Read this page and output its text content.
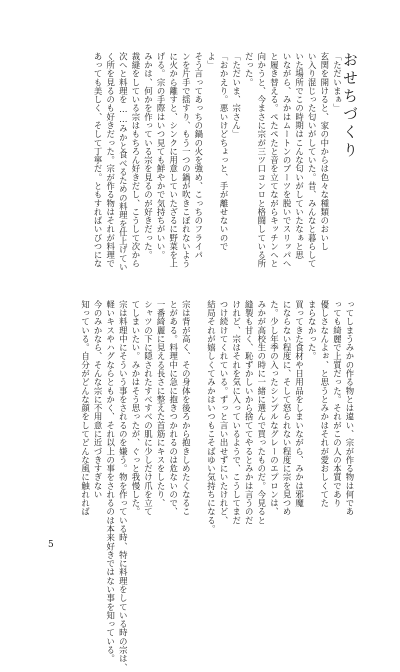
おせちづくり
「ただいまぁ」
玄関を開けると、家の中からは色々な種類のおいし
い入り混じった匂いがしていた。昔、みんなと暮らして
いた場所でこの時期はこんな匂いがしていたなぁと思
いながら、みかはムートンのブーツを脱いでスリッパへ
と履き替える。ぺたぺたと音を立てながらキッチンへと
向かうと、今まさに宗が三ツ口コンロと格闘している所
だった。
「ただいま、宗さん」
「おかえり。悪いけどちょっと、手が離せないので
よ」
そう言ってあっちの鍋の火を強め、こっちのフライパ
ンを片手で揺すり、もう一つの鍋が吹きこぼれないよう
に火から離すと、シンクに用意していたざるに野菜を上
げる。宗の手際はいつ見ても鮮やかで気持ちがいい。
みかは、何かを作っている宗を見るのが好きだった。
裁縫をしている宗はもちろん好きだし、こうして次から
次へと料理を……みかと食べるための料理を仕上げてい
く所を見るのも好きだった。宗が作る物はそれが料理で
あっても美しく、そして丁寧だ。ともすればいびつにな
ってしまうみかの作る物とは違い、宗が作る物は何であ
っても綺麗で上質だった。それがこの人の本質であり
優しさなんよぉ、と思うとみかはそれが愛おしくてた
まらなかった。
買ってきた食材や日用品をしまいながら、みかは邪魔
にならない程度に、そして怒られない程度に宗を見つめ
た。少し年季の入ったシンプルなグレーのエプロンは、
みかが高校生の時に一緒に選んで買ったものだ。今見ると
縫製も甘く、恥ずかしいから捨ててやるとみかは言うのだ
けれど、宗はそれを気に入っているようで、こうしてまだ
つけ続けてくれている。ずっと言い出せずにいたけれど、
結局それが嬉しくてみかはいつもこそばゆい気持ちになる。
宗は背が高く、その身体を後ろから抱きしめたくなるこ
とがある。料理中に急に抱きつかれるのは危ないので、
一番綺麗に見える長さに整えた首筋にキスをしたり、
シャツの下に隠されたすべすべの肌に少しだけ爪を立て
てしまいたい。みかはそう思ったが、ぐっと我慢した。
宗は料理中にそういう事をされるのを嫌う。物を作っている時、特に料理をしている時の宗は、
軽いキスやハグならともかく、それ以上の事をされるのは本来好きではない事を知っている。
今のみかなら、そんな宗に不用意に近づきすぎない
知っている。自分がどんな顔をしてどんな風に触れれば
5
